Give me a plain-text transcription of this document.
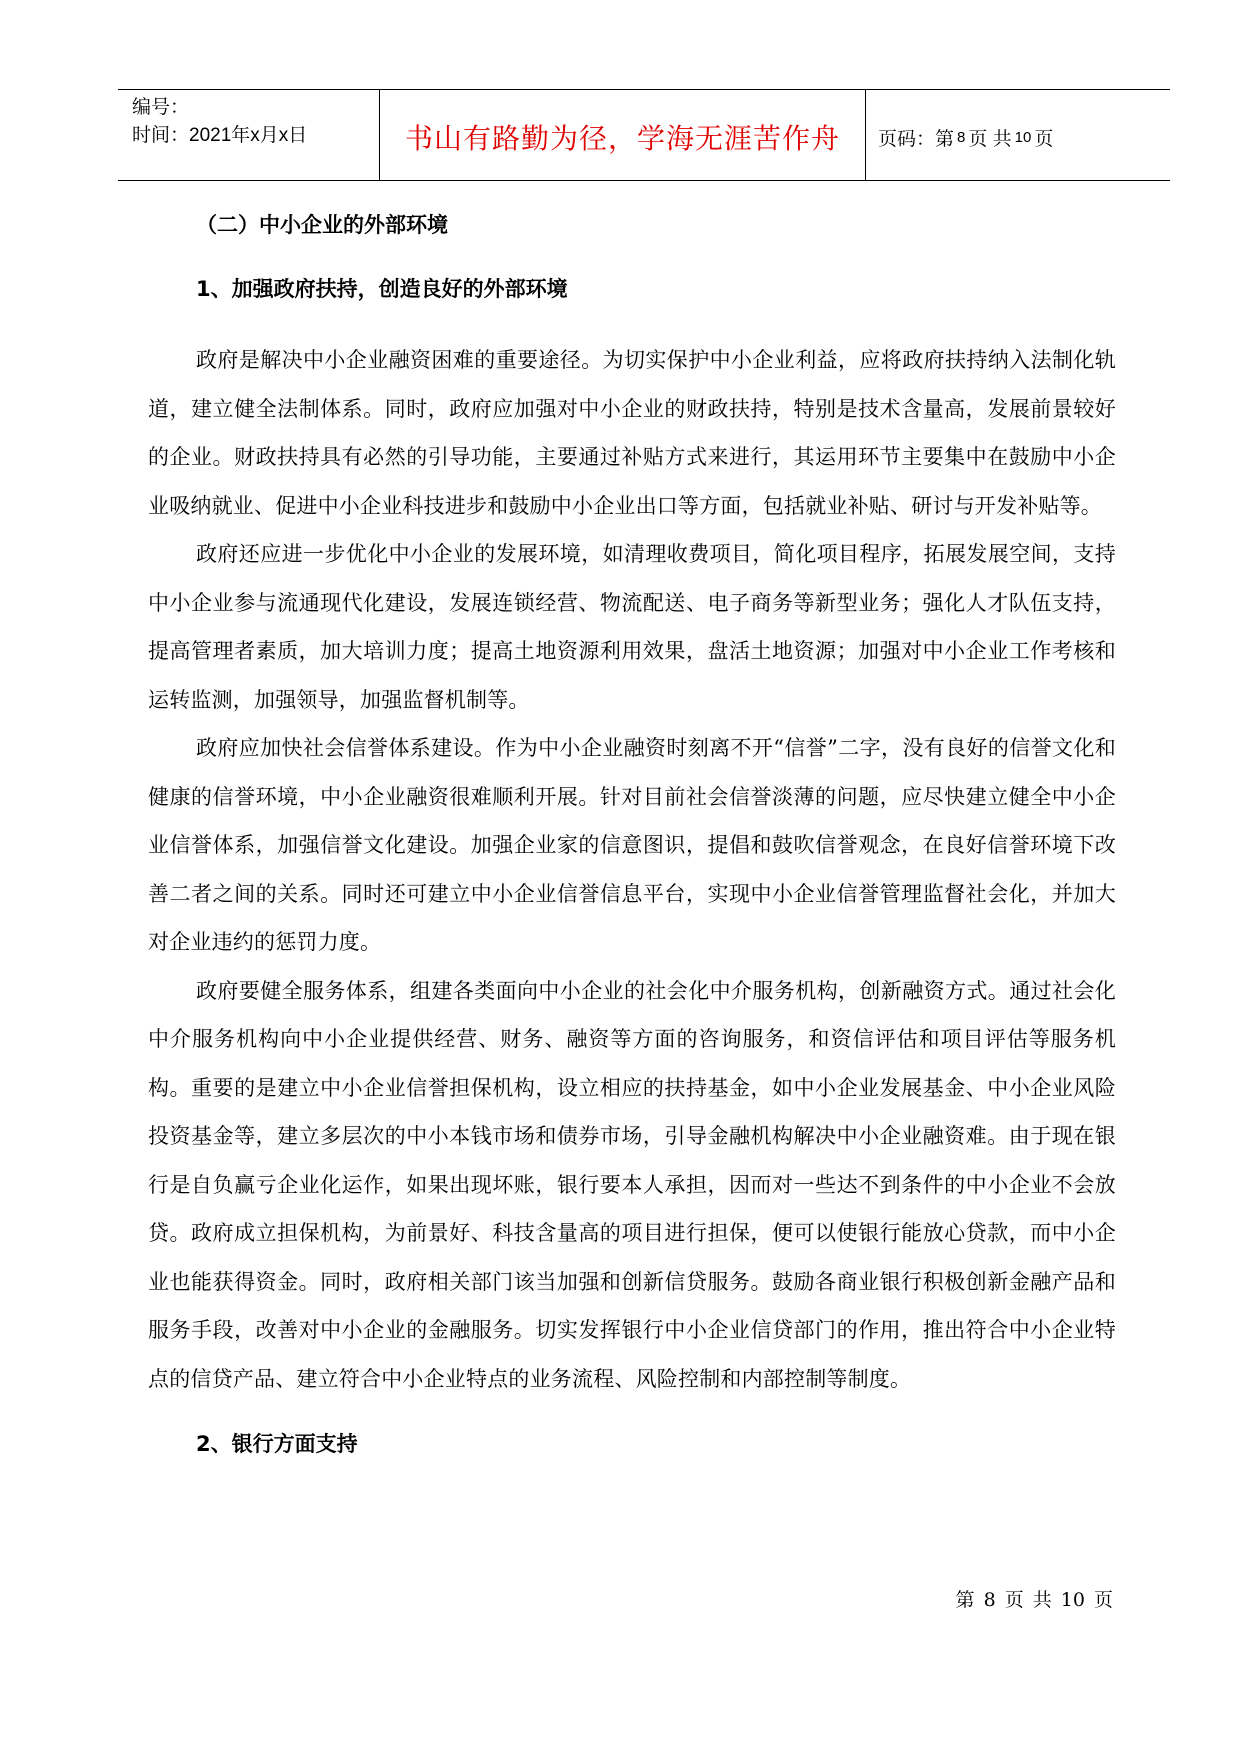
编号：
时间：2021年x月x日	书山有路勤为径，学海无涯苦作舟	页码：第 8 页 共 10 页
（二）中小企业的外部环境
1、加强政府扶持，创造良好的外部环境

政府是解决中小企业融资困难的重要途径。为切实保护中小企业利益，应将政府扶持纳入法制化轨道，建立健全法制体系。同时，政府应加强对中小企业的财政扶持，特别是技术含量高，发展前景较好的企业。财政扶持具有必然的引导功能，主要通过补贴方式来进行，其运用环节主要集中在鼓励中小企业吸纳就业、促进中小企业科技进步和鼓励中小企业出口等方面，包括就业补贴、研讨与开发补贴等。

政府还应进一步优化中小企业的发展环境，如清理收费项目，简化项目程序，拓展发展空间，支持中小企业参与流通现代化建设，发展连锁经营、物流配送、电子商务等新型业务；强化人才队伍支持，提高管理者素质，加大培训力度；提高土地资源利用效果，盘活土地资源；加强对中小企业工作考核和运转监测，加强领导，加强监督机制等。

政府应加快社会信誉体系建设。作为中小企业融资时刻离不开“信誉”二字，没有良好的信誉文化和健康的信誉环境，中小企业融资很难顺利开展。针对目前社会信誉淡薄的问题，应尽快建立健全中小企业信誉体系，加强信誉文化建设。加强企业家的信意图识，提倡和鼓吹信誉观念，在良好信誉环境下改善二者之间的关系。同时还可建立中小企业信誉信息平台，实现中小企业信誉管理监督社会化，并加大对企业违约的惩罚力度。

政府要健全服务体系，组建各类面向中小企业的社会化中介服务机构，创新融资方式。通过社会化中介服务机构向中小企业提供经营、财务、融资等方面的咨询服务，和资信评估和项目评估等服务机构。重要的是建立中小企业信誉担保机构，设立相应的扶持基金，如中小企业发展基金、中小企业风险投资基金等，建立多层次的中小本钱市场和债券市场，引导金融机构解决中小企业融资难。由于现在银行是自负赢亏企业化运作，如果出现坏账，银行要本人承担，因而对一些达不到条件的中小企业不会放贷。政府成立担保机构，为前景好、科技含量高的项目进行担保，便可以使银行能放心贷款，而中小企业也能获得资金。同时，政府相关部门该当加强和创新信贷服务。鼓励各商业银行积极创新金融产品和服务手段，改善对中小企业的金融服务。切实发挥银行中小企业信贷部门的作用，推出符合中小企业特点的信贷产品、建立符合中小企业特点的业务流程、风险控制和内部控制等制度。

2、银行方面支持
第 8 页 共 10 页
